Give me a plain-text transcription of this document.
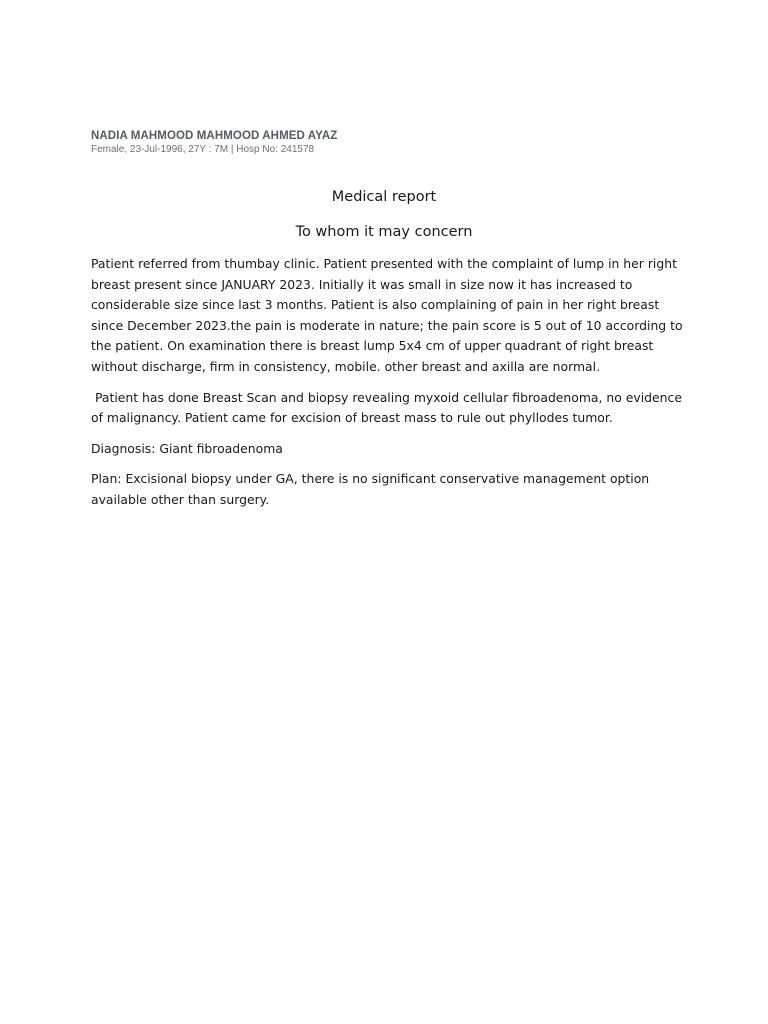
NADIA MAHMOOD MAHMOOD AHMED AYAZ
Female, 23-Jul-1996, 27Y : 7M | Hosp No: 241578
Medical report
To whom it may concern

Patient referred from thumbay clinic. Patient presented with the complaint of lump in her right breast present since JANUARY 2023. Initially it was small in size now it has increased to considerable size since last 3 months. Patient is also complaining of pain in her right breast since December 2023.the pain is moderate in nature; the pain score is 5 out of 10 according to the patient. On examination there is breast lump 5x4 cm of upper quadrant of right breast without discharge, firm in consistency, mobile. other breast and axilla are normal.

Patient has done Breast Scan and biopsy revealing myxoid cellular fibroadenoma, no evidence of malignancy. Patient came for excision of breast mass to rule out phyllodes tumor.

Diagnosis: Giant fibroadenoma

Plan: Excisional biopsy under GA, there is no significant conservative management option available other than surgery.
